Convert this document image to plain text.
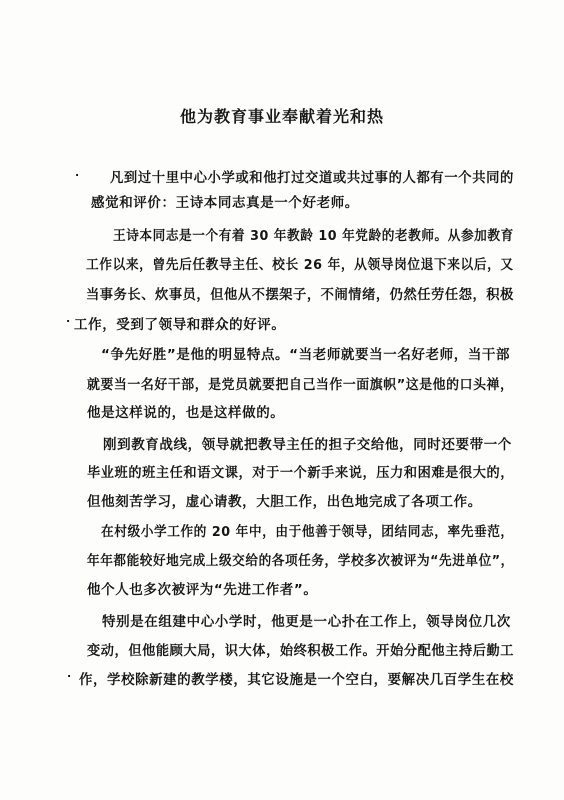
他为教育事业奉献着光和热
凡到过十里中心小学或和他打过交道或共过事的人都有一个共同的
感觉和评价：王诗本同志真是一个好老师。
王诗本同志是一个有着 30 年教龄 10 年党龄的老教师。从参加教育
工作以来，曾先后任教导主任、校长 26 年，从领导岗位退下来以后，又
当事务长、炊事员，但他从不摆架子，不闹情绪，仍然任劳任怨，积极
工作，受到了领导和群众的好评。
“争先好胜”是他的明显特点。“当老师就要当一名好老师，当干部
就要当一名好干部，是党员就要把自己当作一面旗帜”这是他的口头禅，
他是这样说的，也是这样做的。
刚到教育战线，领导就把教导主任的担子交给他，同时还要带一个
毕业班的班主任和语文课，对于一个新手来说，压力和困难是很大的，
但他刻苦学习，虚心请教，大胆工作，出色地完成了各项工作。
在村级小学工作的 20 年中，由于他善于领导，团结同志，率先垂范，
年年都能较好地完成上级交给的各项任务，学校多次被评为“先进单位”，
他个人也多次被评为“先进工作者”。
特别是在组建中心小学时，他更是一心扑在工作上，领导岗位几次
变动，但他能顾大局，识大体，始终积极工作。开始分配他主持后勤工
作，学校除新建的教学楼，其它设施是一个空白，要解决几百学生在校
.
.
.
